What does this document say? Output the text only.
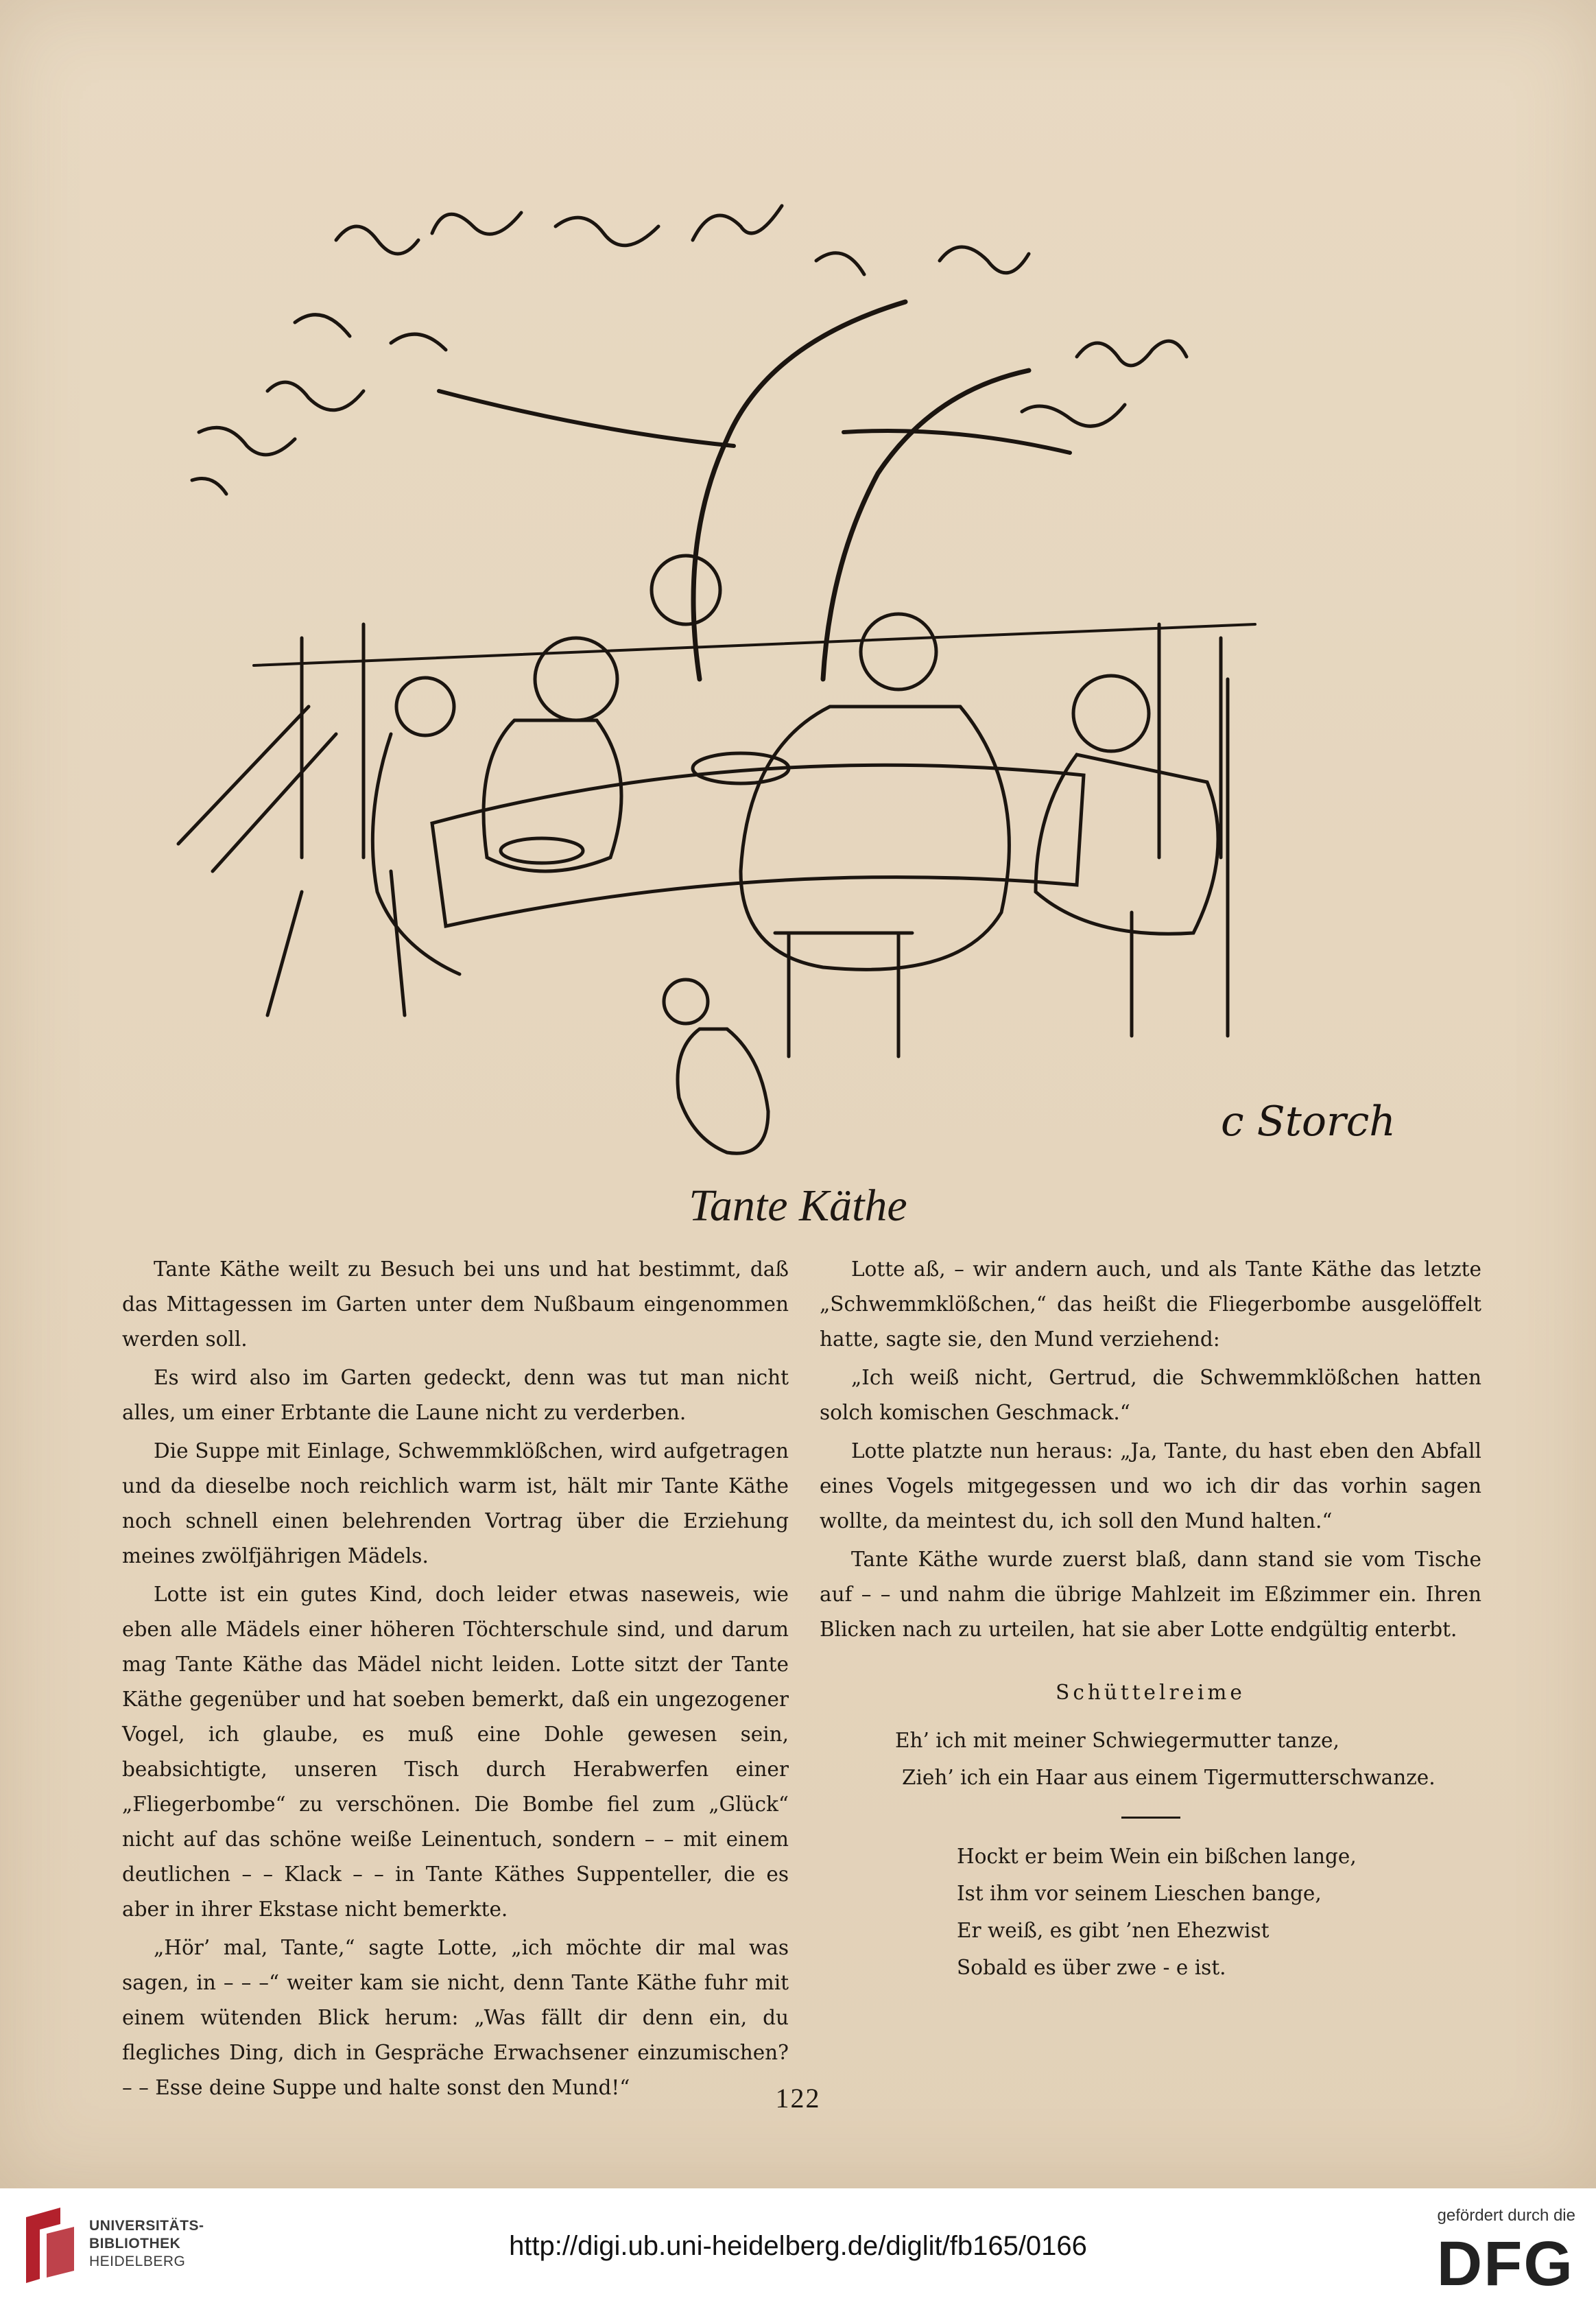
c Storch
Tante Käthe

Tante Käthe weilt zu Besuch bei uns und hat bestimmt, daß das Mittagessen im Garten unter dem Nußbaum eingenommen werden soll.

Es wird also im Garten gedeckt, denn was tut man nicht alles, um einer Erbtante die Laune nicht zu verderben.

Die Suppe mit Einlage, Schwemmklößchen, wird aufgetragen und da dieselbe noch reichlich warm ist, hält mir Tante Käthe noch schnell einen belehrenden Vortrag über die Erziehung meines zwölfjährigen Mädels.

Lotte ist ein gutes Kind, doch leider etwas naseweis, wie eben alle Mädels einer höheren Töchterschule sind, und darum mag Tante Käthe das Mädel nicht leiden. Lotte sitzt der Tante Käthe gegenüber und hat soeben bemerkt, daß ein ungezogener Vogel, ich glaube, es muß eine Dohle gewesen sein, beabsichtigte, unseren Tisch durch Herabwerfen einer „Fliegerbombe“ zu verschönen. Die Bombe fiel zum „Glück“ nicht auf das schöne weiße Leinentuch, sondern – – mit einem deutlichen – – Klack – – in Tante Käthes Suppenteller, die es aber in ihrer Ekstase nicht bemerkte.

„Hör’ mal, Tante,“ sagte Lotte, „ich möchte dir mal was sagen, in – – –“ weiter kam sie nicht, denn Tante Käthe fuhr mit einem wütenden Blick herum: „Was fällt dir denn ein, du flegliches Ding, dich in Gespräche Erwachsener einzumischen? – – Esse deine Suppe und halte sonst den Mund!“

Lotte aß, – wir andern auch, und als Tante Käthe das letzte „Schwemmklößchen,“ das heißt die Fliegerbombe ausgelöffelt hatte, sagte sie, den Mund verziehend:

„Ich weiß nicht, Gertrud, die Schwemmklößchen hatten solch komischen Geschmack.“

Lotte platzte nun heraus: „Ja, Tante, du hast eben den Abfall eines Vogels mitgegessen und wo ich dir das vorhin sagen wollte, da meintest du, ich soll den Mund halten.“

Tante Käthe wurde zuerst blaß, dann stand sie vom Tische auf – – und nahm die übrige Mahlzeit im Eßzimmer ein. Ihren Blicken nach zu urteilen, hat sie aber Lotte endgültig enterbt.

Schüttelreime
Eh’ ich mit meiner Schwiegermutter tanze,
Zieh’ ich ein Haar aus einem Tigermutterschwanze.
Hockt er beim Wein ein bißchen lange,
Ist ihm vor seinem Lieschen bange,
Er weiß, es gibt ’nen Ehezwist
Sobald es über zwe - e ist.
122
UNIVERSITÄTS-
BIBLIOTHEK
HEIDELBERG
http://digi.ub.uni-heidelberg.de/diglit/fb165/0166
gefördert durch die
DFG
